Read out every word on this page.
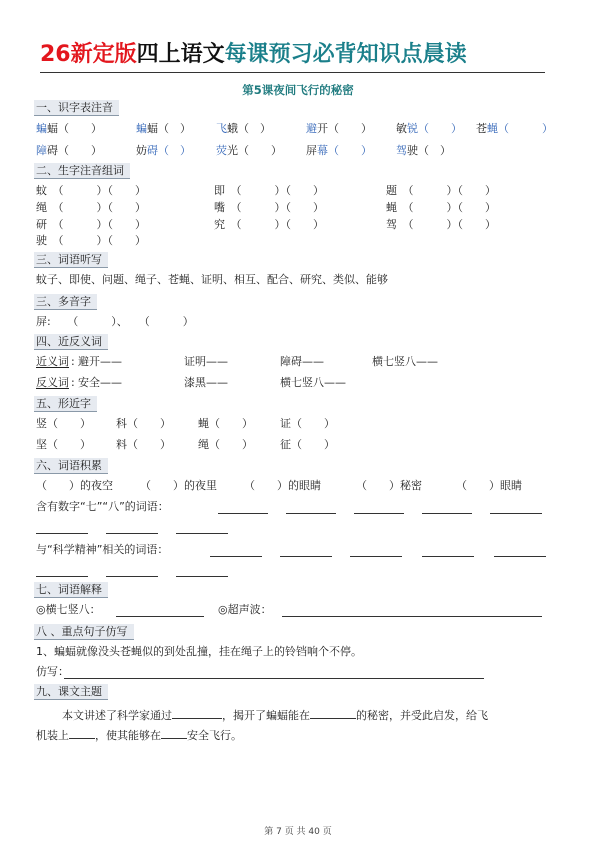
26新定版四上语文每课预习必背知识点晨读
第5课夜间飞行的秘密
一、识字表注音
蝙蝠（　　）	蝙蝠（　） 飞蛾（　）	避开（　　） 敏锐（　　） 苍蝇（　　　）
障碍（　　）	妨碍（　） 荧光（　　） 屏幕（　　） 驾驶（　）
二、生字注音组词
蚊　（　　　）（　　）	即　（　　　）（　　）	题　（　　　）（　　）
绳　（　　　）（　　）	嘴　（　　　）（　　）	蝇　（　　　）（　　）
研　（　　　）（　　）	究　（　　　）（　　）	驾　（　　　）（　　）
驶　（　　　）（　　）
三、词语听写
蚊子、即使、问题、绳子、苍蝇、证明、相互、配合、研究、类似、能够
三、多音字
屏:　　（　　　）、　　（　　　）
四、近反义词
近义词 : 避开——	证明——	障碍——	横七竖八——
反义词 : 安全——	漆黑——	横七竖八——
五、形近字
竖（　　） 科（　　） 蝇（　　） 证（　　）
坚（　　） 料（　　） 绳（　　） 征（　　）
六、词语积累
（　　）的夜空 （　　）的夜里 （　　）的眼睛	（　　）秘密	（　　）眼睛
含有数字“七”“八”的词语：
与“科学精神”相关的词语：
七、词语解释
◎横七竖八：	◎超声波：
八 、重点句子仿写
1、蝙蝠就像没头苍蝇似的到处乱撞，挂在绳子上的铃铛响个不停。
仿写：
九、课文主题
本文讲述了科学家通过	，揭开了蝙蝠能在	的秘密，并受此启发，给飞
机装上 ，使其能够在 安全飞行。
第 7 页 共 40 页
